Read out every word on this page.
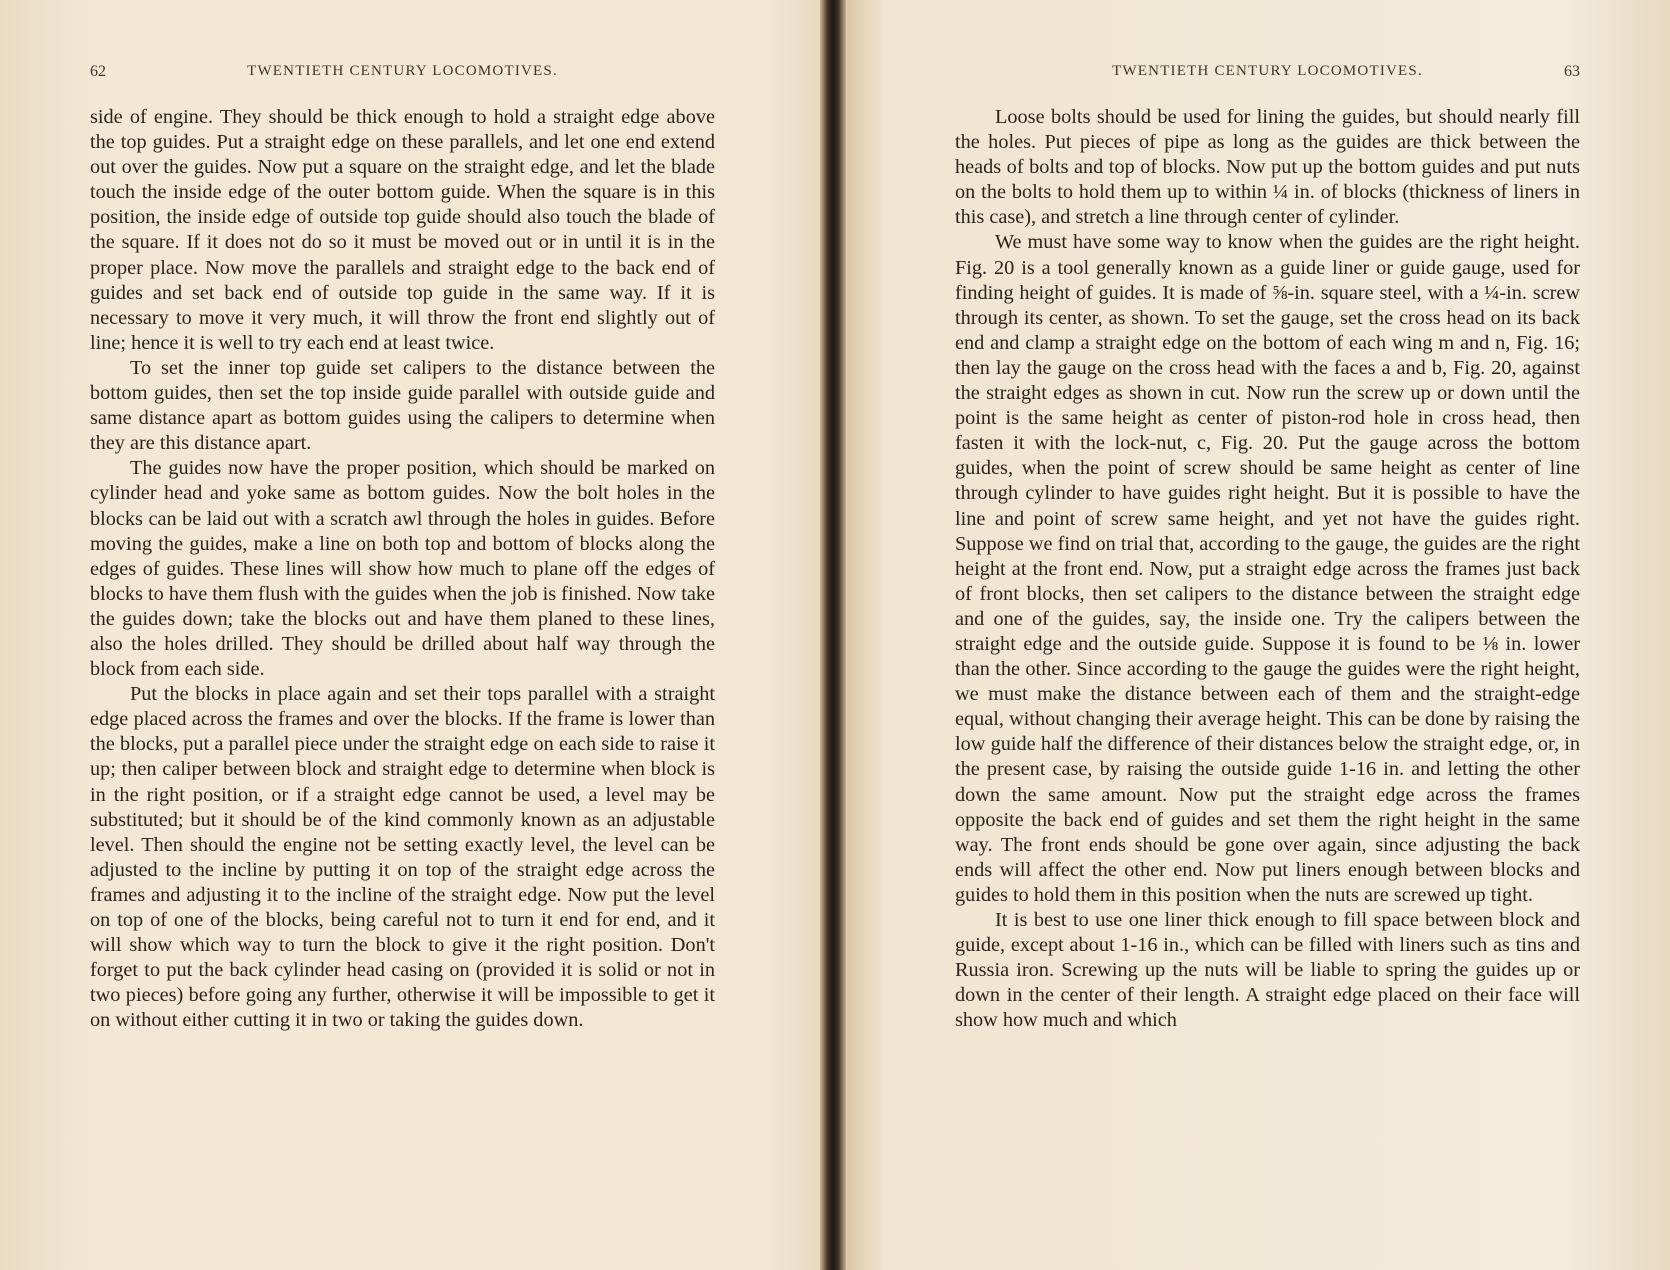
62	TWENTIETH CENTURY LOCOMOTIVES.

side of engine. They should be thick enough to hold a straight edge above the top guides. Put a straight edge on these parallels, and let one end extend out over the guides. Now put a square on the straight edge, and let the blade touch the inside edge of the outer bottom guide. When the square is in this position, the inside edge of outside top guide should also touch the blade of the square. If it does not do so it must be moved out or in until it is in the proper place. Now move the parallels and straight edge to the back end of guides and set back end of outside top guide in the same way. If it is necessary to move it very much, it will throw the front end slightly out of line; hence it is well to try each end at least twice.

To set the inner top guide set calipers to the distance between the bottom guides, then set the top inside guide parallel with outside guide and same distance apart as bottom guides using the calipers to determine when they are this distance apart.

The guides now have the proper position, which should be marked on cylinder head and yoke same as bottom guides. Now the bolt holes in the blocks can be laid out with a scratch awl through the holes in guides. Before moving the guides, make a line on both top and bottom of blocks along the edges of guides. These lines will show how much to plane off the edges of blocks to have them flush with the guides when the job is finished. Now take the guides down; take the blocks out and have them planed to these lines, also the holes drilled. They should be drilled about half way through the block from each side.

Put the blocks in place again and set their tops parallel with a straight edge placed across the frames and over the blocks. If the frame is lower than the blocks, put a parallel piece under the straight edge on each side to raise it up; then caliper between block and straight edge to determine when block is in the right position, or if a straight edge cannot be used, a level may be substituted; but it should be of the kind commonly known as an adjustable level. Then should the engine not be setting exactly level, the level can be adjusted to the incline by putting it on top of the straight edge across the frames and adjusting it to the incline of the straight edge. Now put the level on top of one of the blocks, being careful not to turn it end for end, and it will show which way to turn the block to give it the right position. Don't forget to put the back cylinder head casing on (provided it is solid or not in two pieces) before going any further, otherwise it will be impossible to get it on without either cutting it in two or taking the guides down.

TWENTIETH CENTURY LOCOMOTIVES.	63

Loose bolts should be used for lining the guides, but should nearly fill the holes. Put pieces of pipe as long as the guides are thick between the heads of bolts and top of blocks. Now put up the bottom guides and put nuts on the bolts to hold them up to within ¼ in. of blocks (thickness of liners in this case), and stretch a line through center of cylinder.

We must have some way to know when the guides are the right height. Fig. 20 is a tool generally known as a guide liner or guide gauge, used for finding height of guides. It is made of ⅝-in. square steel, with a ¼-in. screw through its center, as shown. To set the gauge, set the cross head on its back end and clamp a straight edge on the bottom of each wing m and n, Fig. 16; then lay the gauge on the cross head with the faces a and b, Fig. 20, against the straight edges as shown in cut. Now run the screw up or down until the point is the same height as center of piston-rod hole in cross head, then fasten it with the lock-nut, c, Fig. 20. Put the gauge across the bottom guides, when the point of screw should be same height as center of line through cylinder to have guides right height. But it is possible to have the line and point of screw same height, and yet not have the guides right. Suppose we find on trial that, according to the gauge, the guides are the right height at the front end. Now, put a straight edge across the frames just back of front blocks, then set calipers to the distance between the straight edge and one of the guides, say, the inside one. Try the calipers between the straight edge and the outside guide. Suppose it is found to be ⅛ in. lower than the other. Since according to the gauge the guides were the right height, we must make the distance between each of them and the straight-edge equal, without changing their average height. This can be done by raising the low guide half the difference of their distances below the straight edge, or, in the present case, by raising the outside guide 1-16 in. and letting the other down the same amount. Now put the straight edge across the frames opposite the back end of guides and set them the right height in the same way. The front ends should be gone over again, since adjusting the back ends will affect the other end. Now put liners enough between blocks and guides to hold them in this position when the nuts are screwed up tight.

It is best to use one liner thick enough to fill space between block and guide, except about 1-16 in., which can be filled with liners such as tins and Russia iron. Screwing up the nuts will be liable to spring the guides up or down in the center of their length. A straight edge placed on their face will show how much and which
